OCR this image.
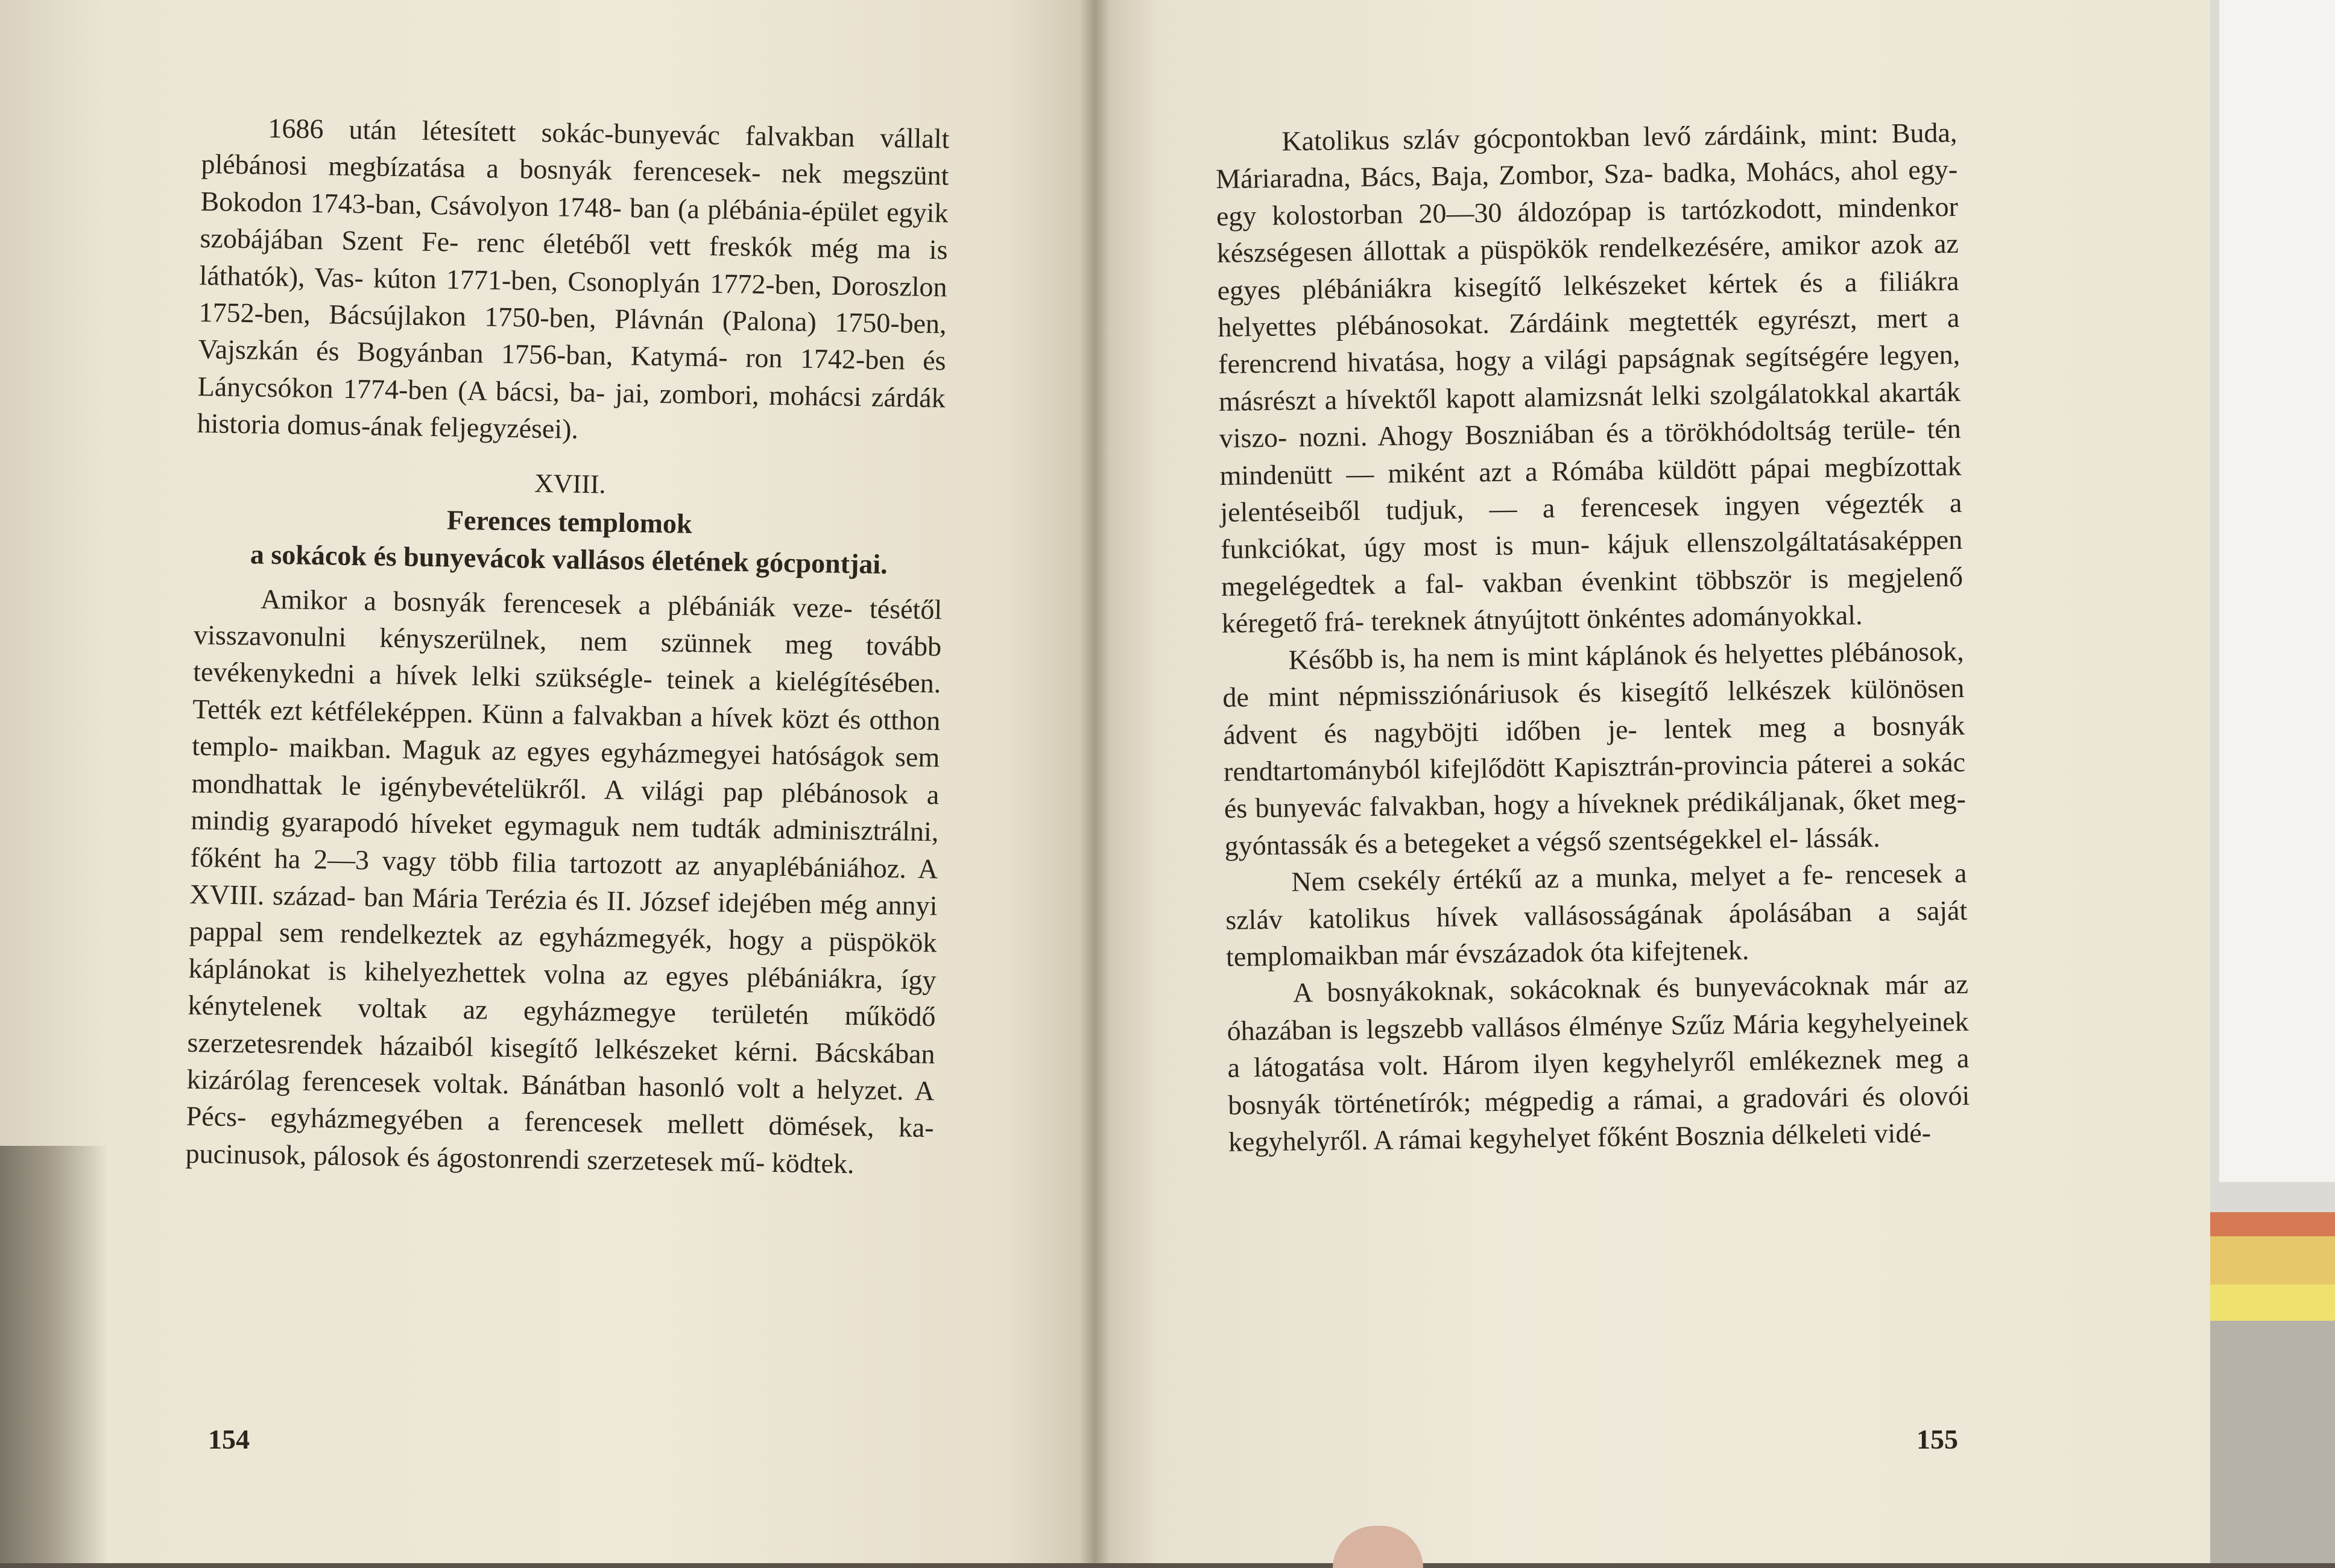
1686 után létesített sokác-bunyevác falvakban vállalt plébánosi megbízatása a bosnyák ferencesek- nek megszünt Bokodon 1743-ban, Csávolyon 1748- ban (a plébánia-épület egyik szobájában Szent Fe- renc életéből vett freskók még ma is láthatók), Vas- kúton 1771-ben, Csonoplyán 1772-ben, Doroszlon 1752-ben, Bácsújlakon 1750-ben, Plávnán (Palona) 1750-ben, Vajszkán és Bogyánban 1756-ban, Katymá- ron 1742-ben és Lánycsókon 1774-ben (A bácsi, ba- jai, zombori, mohácsi zárdák historia domus-ának feljegyzései).

XVIII.
Ferences templomok
a sokácok és bunyevácok vallásos életének gócpontjai.

Amikor a bosnyák ferencesek a plébániák veze- tésétől visszavonulni kényszerülnek, nem szünnek meg tovább tevékenykedni a hívek lelki szükségle- teinek a kielégítésében. Tették ezt kétféleképpen. Künn a falvakban a hívek közt és otthon templo- maikban. Maguk az egyes egyházmegyei hatóságok sem mondhattak le igénybevételükről. A világi pap plébánosok a mindig gyarapodó híveket egymaguk nem tudták adminisztrálni, főként ha 2—3 vagy több filia tartozott az anyaplébániához. A XVIII. század- ban Mária Terézia és II. József idejében még annyi pappal sem rendelkeztek az egyházmegyék, hogy a püspökök káplánokat is kihelyezhettek volna az egyes plébániákra, így kénytelenek voltak az egyházmegye területén működő szerzetesrendek házaiból kisegítő lelkészeket kérni. Bácskában kizárólag ferencesek voltak. Bánátban hasonló volt a helyzet. A Pécs- egyházmegyében a ferencesek mellett dömések, ka- pucinusok, pálosok és ágostonrendi szerzetesek mű- ködtek.

Katolikus szláv gócpontokban levő zárdáink, mint: Buda, Máriaradna, Bács, Baja, Zombor, Sza- badka, Mohács, ahol egy-egy kolostorban 20—30 áldozópap is tartózkodott, mindenkor készségesen állottak a püspökök rendelkezésére, amikor azok az egyes plébániákra kisegítő lelkészeket kértek és a filiákra helyettes plébánosokat. Zárdáink megtették egyrészt, mert a ferencrend hivatása, hogy a világi papságnak segítségére legyen, másrészt a hívektől kapott alamizsnát lelki szolgálatokkal akarták viszo- nozni. Ahogy Boszniában és a törökhódoltság terüle- tén mindenütt — miként azt a Rómába küldött pápai megbízottak jelentéseiből tudjuk, — a ferencesek ingyen végezték a funkciókat, úgy most is mun- kájuk ellenszolgáltatásaképpen megelégedtek a fal- vakban évenkint többször is megjelenő kéregető frá- tereknek átnyújtott önkéntes adományokkal.

Később is, ha nem is mint káplánok és helyettes plébánosok, de mint népmissziónáriusok és kisegítő lelkészek különösen ádvent és nagyböjti időben je- lentek meg a bosnyák rendtartományból kifejlődött Kapisztrán-provincia páterei a sokác és bunyevác falvakban, hogy a híveknek prédikáljanak, őket meg- gyóntassák és a betegeket a végső szentségekkel el- lássák.

Nem csekély értékű az a munka, melyet a fe- rencesek a szláv katolikus hívek vallásosságának ápolásában a saját templomaikban már évszázadok óta kifejtenek.

A bosnyákoknak, sokácoknak és bunyevácoknak már az óhazában is legszebb vallásos élménye Szűz Mária kegyhelyeinek a látogatása volt. Három ilyen kegyhelyről emlékeznek meg a bosnyák történetírók; mégpedig a rámai, a gradovári és olovói kegyhelyről. A rámai kegyhelyet főként Bosznia délkeleti vidé-

154	155
